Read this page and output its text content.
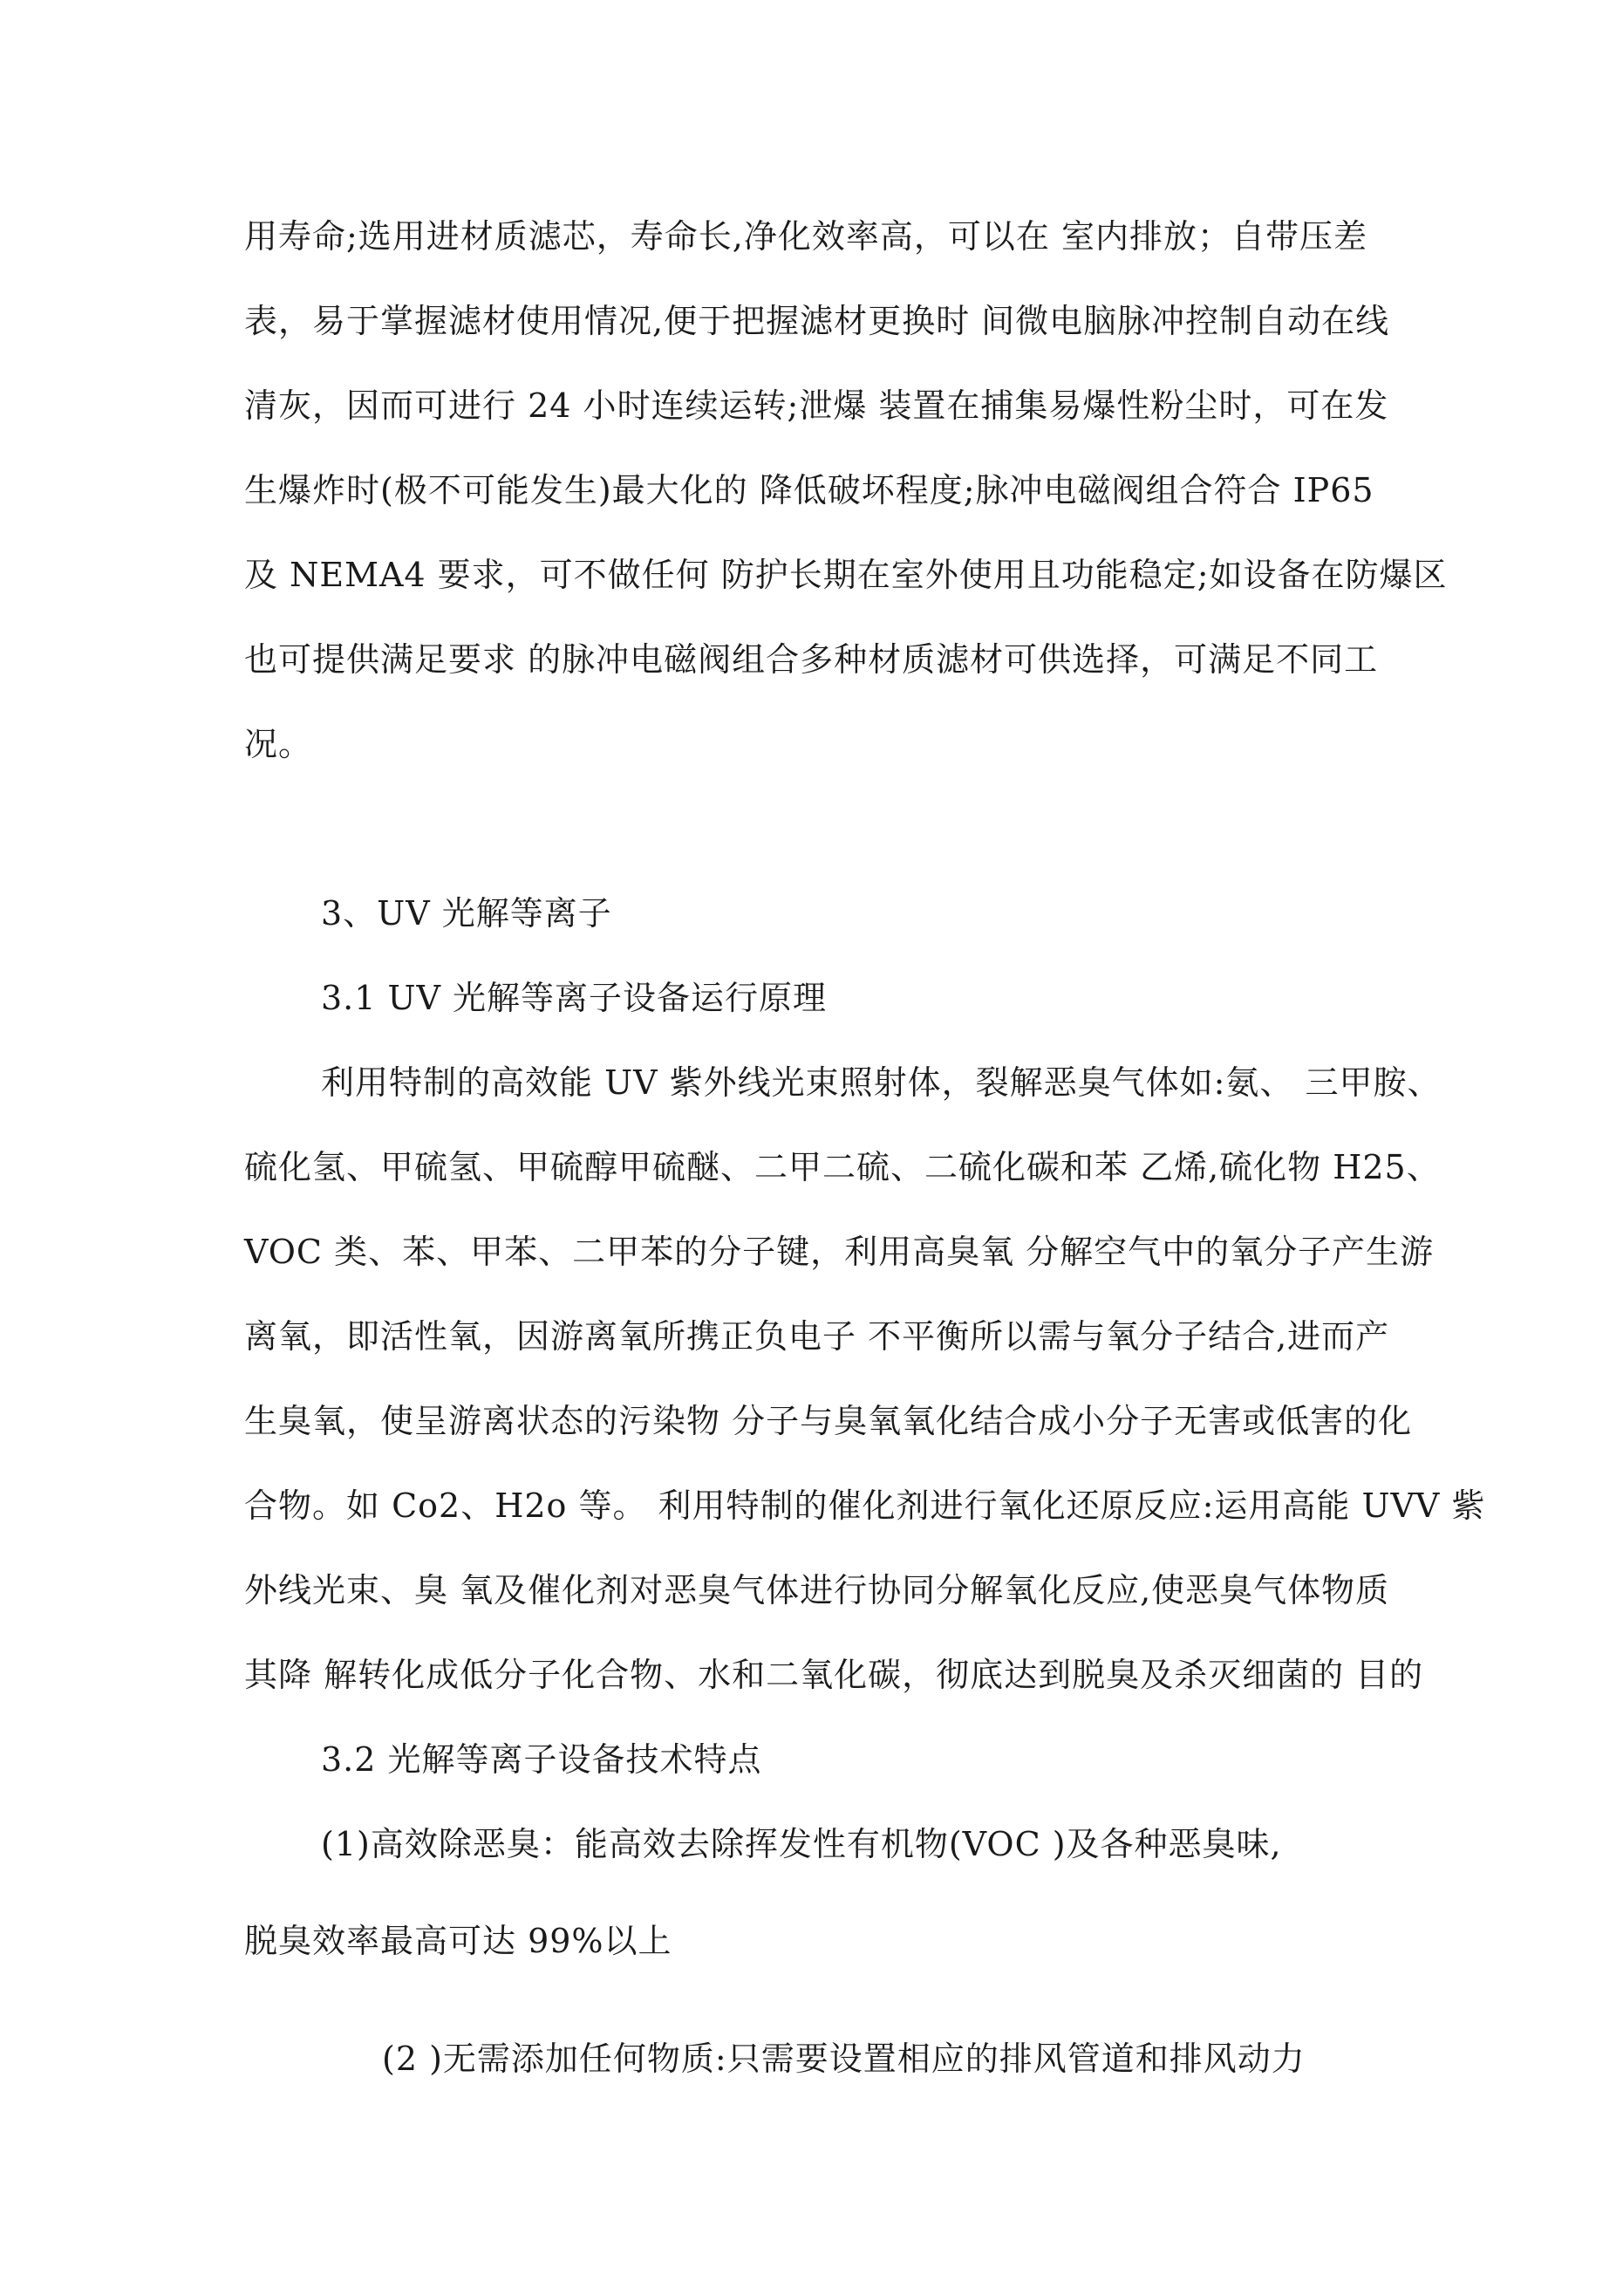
用寿命;选用进材质滤芯，寿命长,净化效率高，可以在 室内排放；自带压差
表，易于掌握滤材使用情况,便于把握滤材更换时 间微电脑脉冲控制自动在线
清灰，因而可进行 24 小时连续运转;泄爆 装置在捕集易爆性粉尘时，可在发
生爆炸时(极不可能发生)最大化的 降低破坏程度;脉冲电磁阀组合符合 IP65
及 NEMA4 要求，可不做任何 防护长期在室外使用且功能稳定;如设备在防爆区
也可提供满足要求 的脉冲电磁阀组合多种材质滤材可供选择，可满足不同工
况。
3、UV 光解等离子
3.1 UV 光解等离子设备运行原理
利用特制的高效能 UV 紫外线光束照射体，裂解恶臭气体如:氨、 三甲胺、
硫化氢、甲硫氢、甲硫醇甲硫醚、二甲二硫、二硫化碳和苯 乙烯,硫化物 H25、
VOC 类、苯、甲苯、二甲苯的分子键，利用高臭氧 分解空气中的氧分子产生游
离氧，即活性氧，因游离氧所携正负电子 不平衡所以需与氧分子结合,进而产
生臭氧，使呈游离状态的污染物 分子与臭氧氧化结合成小分子无害或低害的化
合物。如 Co2、H2o 等。 利用特制的催化剂进行氧化还原反应:运用高能 UVV 紫
外线光束、臭 氧及催化剂对恶臭气体进行协同分解氧化反应,使恶臭气体物质
其降 解转化成低分子化合物、水和二氧化碳，彻底达到脱臭及杀灭细菌的 目的
3.2 光解等离子设备技术特点
(1)高效除恶臭：能高效去除挥发性有机物(VOC )及各种恶臭味,
脱臭效率最高可达 99%以上
(2 )无需添加任何物质:只需要设置相应的排风管道和排风动力
